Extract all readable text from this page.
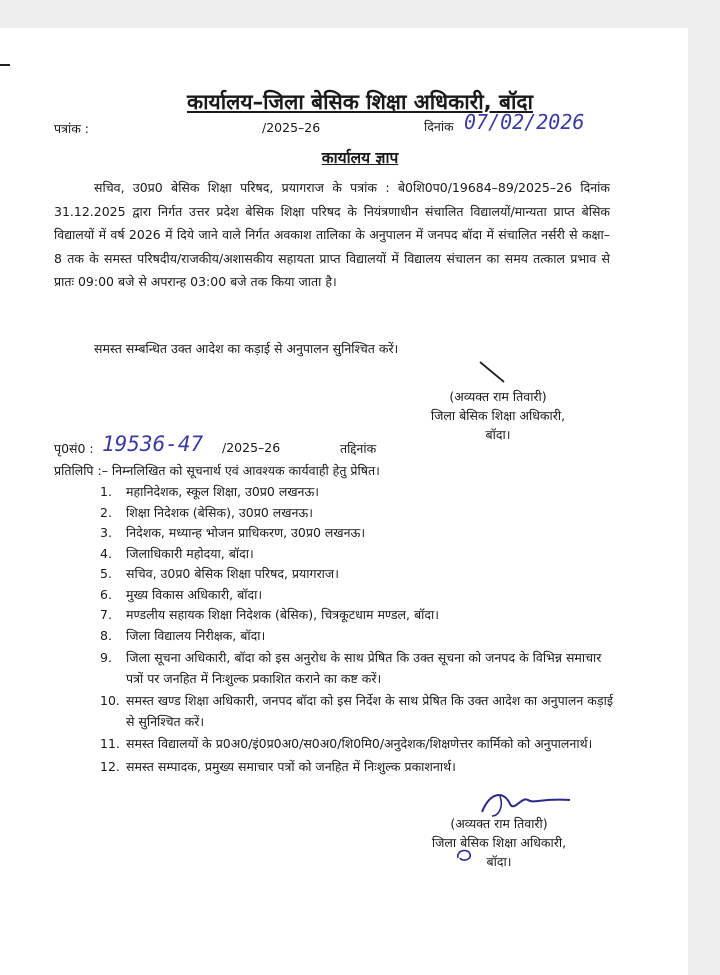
कार्यालय–जिला बेसिक शिक्षा अधिकारी, बॉदा
पत्रांक :	/2025–26	दिनांक 07/02/2026
कार्यालय ज्ञाप
सचिव, उ0प्र0 बेसिक शिक्षा परिषद, प्रयागराज के पत्रांक : बे0शि0प0/19684–89/2025–26 दिनांक 31.12.2025 द्वारा निर्गत उत्तर प्रदेश बेसिक शिक्षा परिषद के नियंत्रणाधीन संचालित विद्यालयों/मान्यता प्राप्त बेसिक विद्यालयों में वर्ष 2026 में दिये जाने वाले निर्गत अवकाश तालिका के अनुपालन में जनपद बॉदा में संचालित नर्सरी से कक्षा–8 तक के समस्त परिषदीय/राजकीय/अशासकीय सहायता प्राप्त विद्यालयों में विद्यालय संचालन का समय तत्काल प्रभाव से प्रातः 09:00 बजे से अपरान्ह 03:00 बजे तक किया जाता है।
समस्त सम्बन्धित उक्त आदेश का कड़ाई से अनुपालन सुनिश्चित करें।
(अव्यक्त राम तिवारी)
जिला बेसिक शिक्षा अधिकारी,
बॉदा।
पृ0सं0 : 19536-47 /2025–26	तद्दिनांक
प्रतिलिपि :– निम्नलिखित को सूचनार्थ एवं आवश्यक कार्यवाही हेतु प्रेषित।
1. महानिदेशक, स्कूल शिक्षा, उ0प्र0 लखनऊ।
2. शिक्षा निदेशक (बेसिक), उ0प्र0 लखनऊ।
3. निदेशक, मध्यान्ह भोजन प्राधिकरण, उ0प्र0 लखनऊ।
4. जिलाधिकारी महोदया, बॉदा।
5. सचिव, उ0प्र0 बेसिक शिक्षा परिषद, प्रयागराज।
6. मुख्य विकास अधिकारी, बॉदा।
7. मण्डलीय सहायक शिक्षा निदेशक (बेसिक), चित्रकूटधाम मण्डल, बॉदा।
8. जिला विद्यालय निरीक्षक, बॉदा।
9. जिला सूचना अधिकारी, बॉदा को इस अनुरोध के साथ प्रेषित कि उक्त सूचना को जनपद के विभिन्न समाचार पत्रों पर जनहित में निःशुल्क प्रकाशित कराने का कष्ट करें।
10. समस्त खण्ड शिक्षा अधिकारी, जनपद बॉदा को इस निर्देश के साथ प्रेषित कि उक्त आदेश का अनुपालन कड़ाई से सुनिश्चित करें।
11. समस्त विद्यालयों के प्र0अ0/इं0प्र0अ0/स0अ0/शि0मि0/अनुदेशक/शिक्षणेत्तर कार्मिको को अनुपालनार्थ।
12. समस्त सम्पादक, प्रमुख्य समाचार पत्रों को जनहित में निःशुल्क प्रकाशनार्थ।
(अव्यक्त राम तिवारी)
जिला बेसिक शिक्षा अधिकारी,
बॉदा।
